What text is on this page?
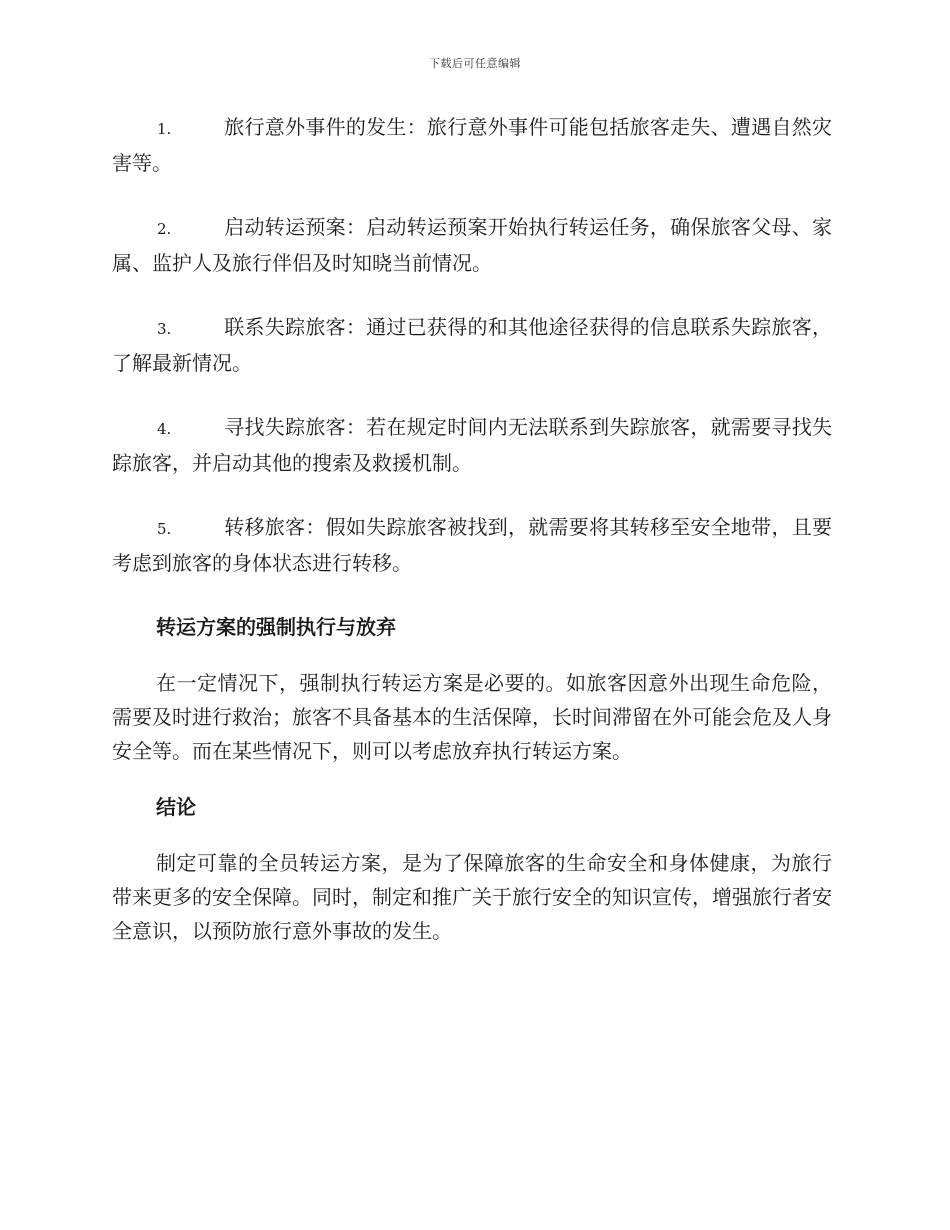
下载后可任意编辑
1.	旅行意外事件的发生：旅行意外事件可能包括旅客走失、遭遇自然灾害等。
2.	启动转运预案：启动转运预案开始执行转运任务，确保旅客父母、家属、监护人及旅行伴侣及时知晓当前情况。
3.	联系失踪旅客：通过已获得的和其他途径获得的信息联系失踪旅客，了解最新情况。
4.	寻找失踪旅客：若在规定时间内无法联系到失踪旅客，就需要寻找失踪旅客，并启动其他的搜索及救援机制。
5.	转移旅客：假如失踪旅客被找到，就需要将其转移至安全地带，且要考虑到旅客的身体状态进行转移。
转运方案的强制执行与放弃
在一定情况下，强制执行转运方案是必要的。如旅客因意外出现生命危险，需要及时进行救治；旅客不具备基本的生活保障，长时间滞留在外可能会危及人身安全等。而在某些情况下，则可以考虑放弃执行转运方案。
结论
制定可靠的全员转运方案，是为了保障旅客的生命安全和身体健康，为旅行带来更多的安全保障。同时，制定和推广关于旅行安全的知识宣传，增强旅行者安全意识，以预防旅行意外事故的发生。
